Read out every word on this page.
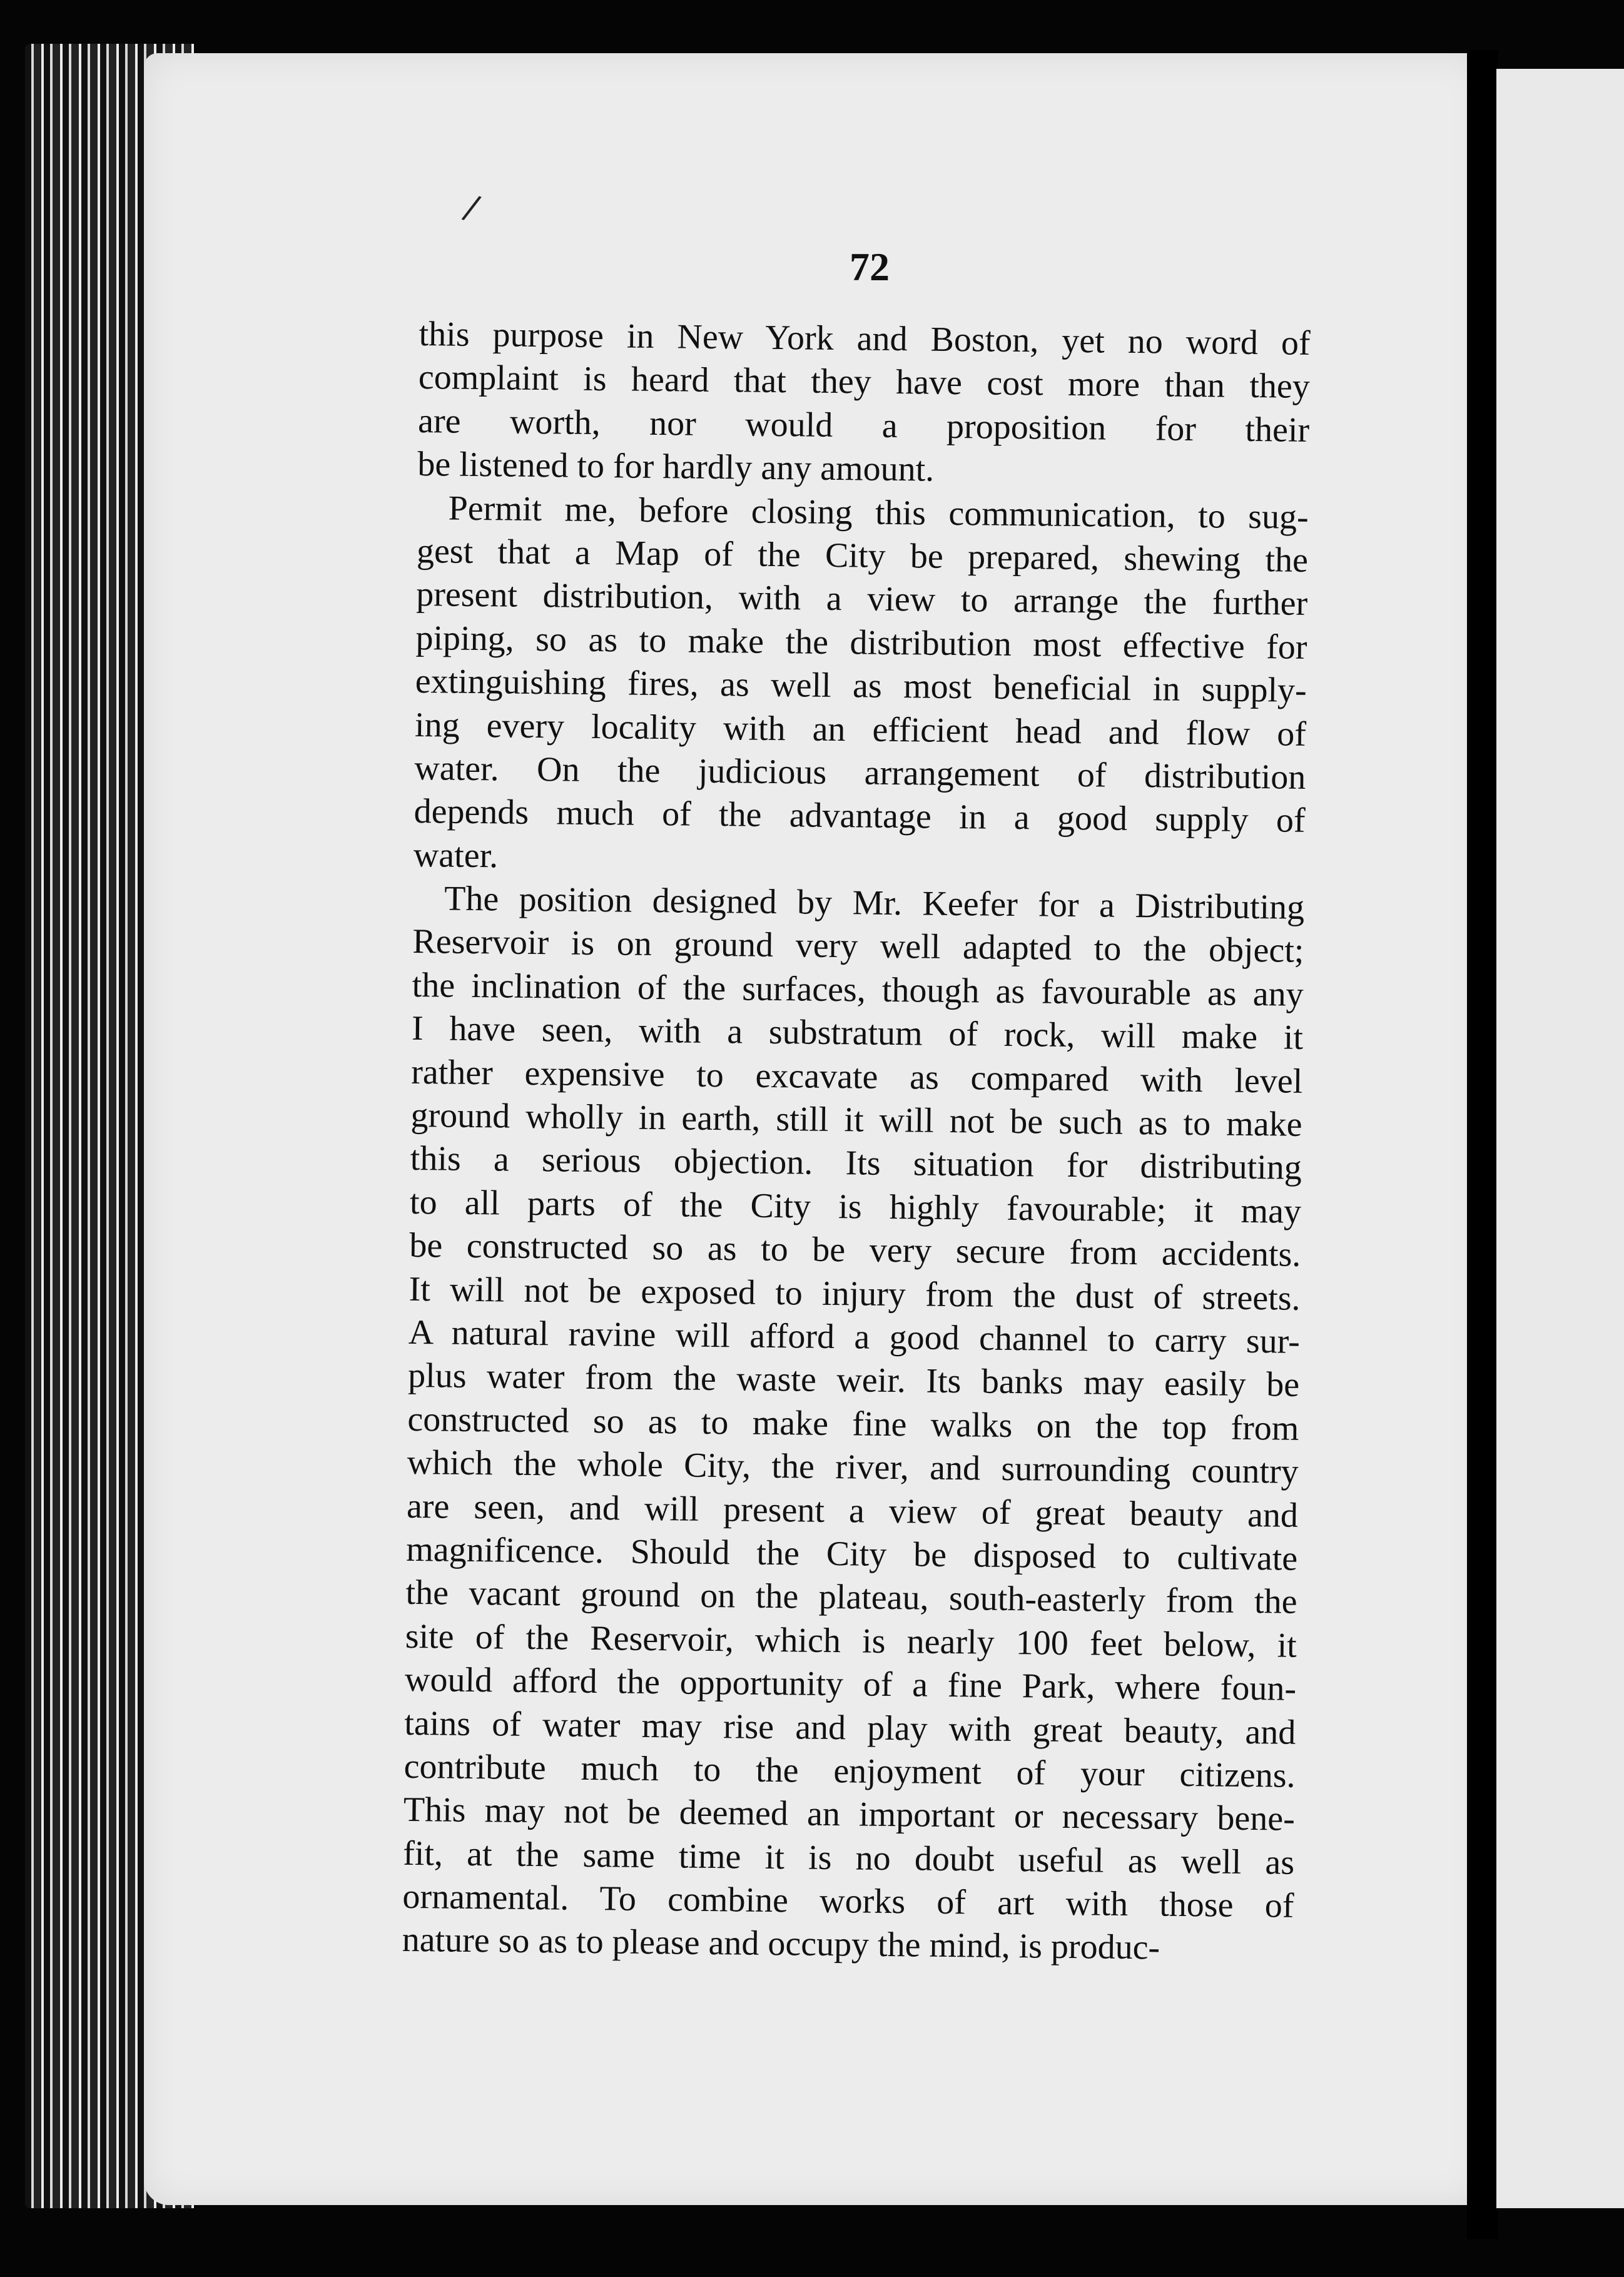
/
72
this purpose in New York and Boston, yet no word of
complaint is heard that they have cost more than they
are worth, nor would a proposition for their
be listened to for hardly any amount.
Permit me, before closing this communication, to sug-
gest that a Map of the City be prepared, shewing the
present distribution, with a view to arrange the further
piping, so as to make the distribution most effective for
extinguishing fires, as well as most beneficial in supply-
ing every locality with an efficient head and flow of
water. On the judicious arrangement of distribution
depends much of the advantage in a good supply of
water.
The position designed by Mr. Keefer for a Distributing
Reservoir is on ground very well adapted to the object;
the inclination of the surfaces, though as favourable as any
I have seen, with a substratum of rock, will make it
rather expensive to excavate as compared with level
ground wholly in earth, still it will not be such as to make
this a serious objection. Its situation for distributing
to all parts of the City is highly favourable; it may
be constructed so as to be very secure from accidents.
It will not be exposed to injury from the dust of streets.
A natural ravine will afford a good channel to carry sur-
plus water from the waste weir. Its banks may easily be
constructed so as to make fine walks on the top from
which the whole City, the river, and surrounding country
are seen, and will present a view of great beauty and
magnificence. Should the City be disposed to cultivate
the vacant ground on the plateau, south-easterly from the
site of the Reservoir, which is nearly 100 feet below, it
would afford the opportunity of a fine Park, where foun-
tains of water may rise and play with great beauty, and
contribute much to the enjoyment of your citizens.
This may not be deemed an important or necessary bene-
fit, at the same time it is no doubt useful as well as
ornamental. To combine works of art with those of
nature so as to please and occupy the mind, is produc-
